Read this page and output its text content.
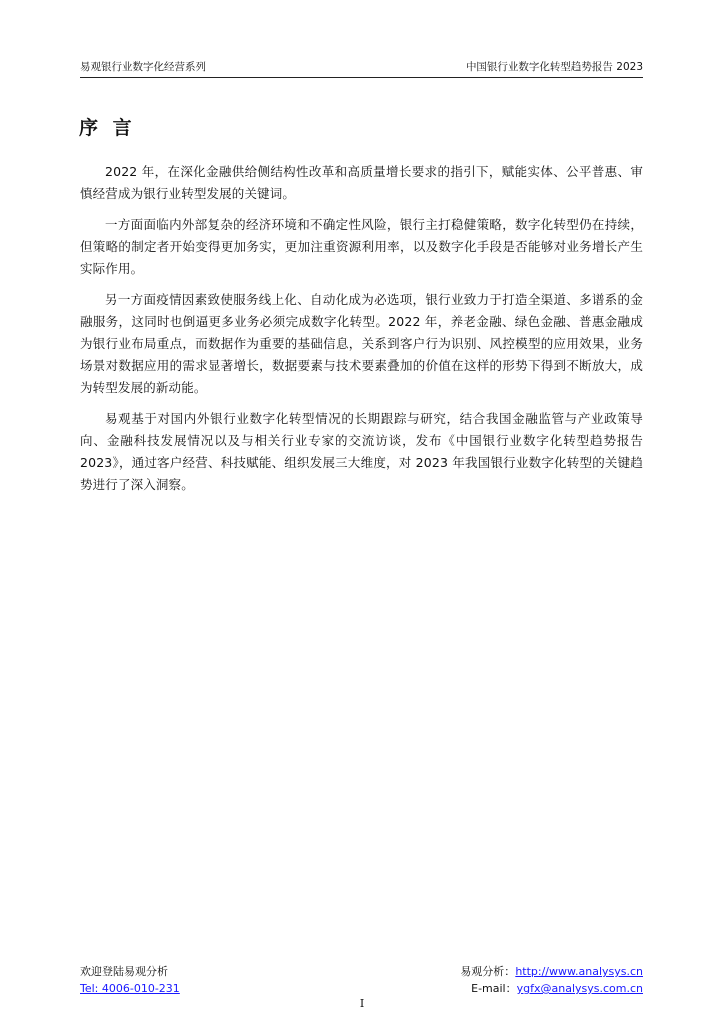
易观银行业数字化经营系列	中国银行业数字化转型趋势报告 2023
序 言

2022 年，在深化金融供给侧结构性改革和高质量增长要求的指引下，赋能实体、公平普惠、审慎经营成为银行业转型发展的关键词。

一方面面临内外部复杂的经济环境和不确定性风险，银行主打稳健策略，数字化转型仍在持续，但策略的制定者开始变得更加务实，更加注重资源利用率，以及数字化手段是否能够对业务增长产生实际作用。

另一方面疫情因素致使服务线上化、自动化成为必选项，银行业致力于打造全渠道、多谱系的金融服务，这同时也倒逼更多业务必须完成数字化转型。2022 年，养老金融、绿色金融、普惠金融成为银行业布局重点，而数据作为重要的基础信息，关系到客户行为识别、风控模型的应用效果，业务场景对数据应用的需求显著增长，数据要素与技术要素叠加的价值在这样的形势下得到不断放大，成为转型发展的新动能。

易观基于对国内外银行业数字化转型情况的长期跟踪与研究，结合我国金融监管与产业政策导向、金融科技发展情况以及与相关行业专家的交流访谈，发布《中国银行业数字化转型趋势报告 2023》，通过客户经营、科技赋能、组织发展三大维度，对 2023 年我国银行业数字化转型的关键趋势进行了深入洞察。

欢迎登陆易观分析
Tel: 4006-010-231
易观分析：http://www.analysys.cn
E-mail：ygfx@analysys.com.cn
I
